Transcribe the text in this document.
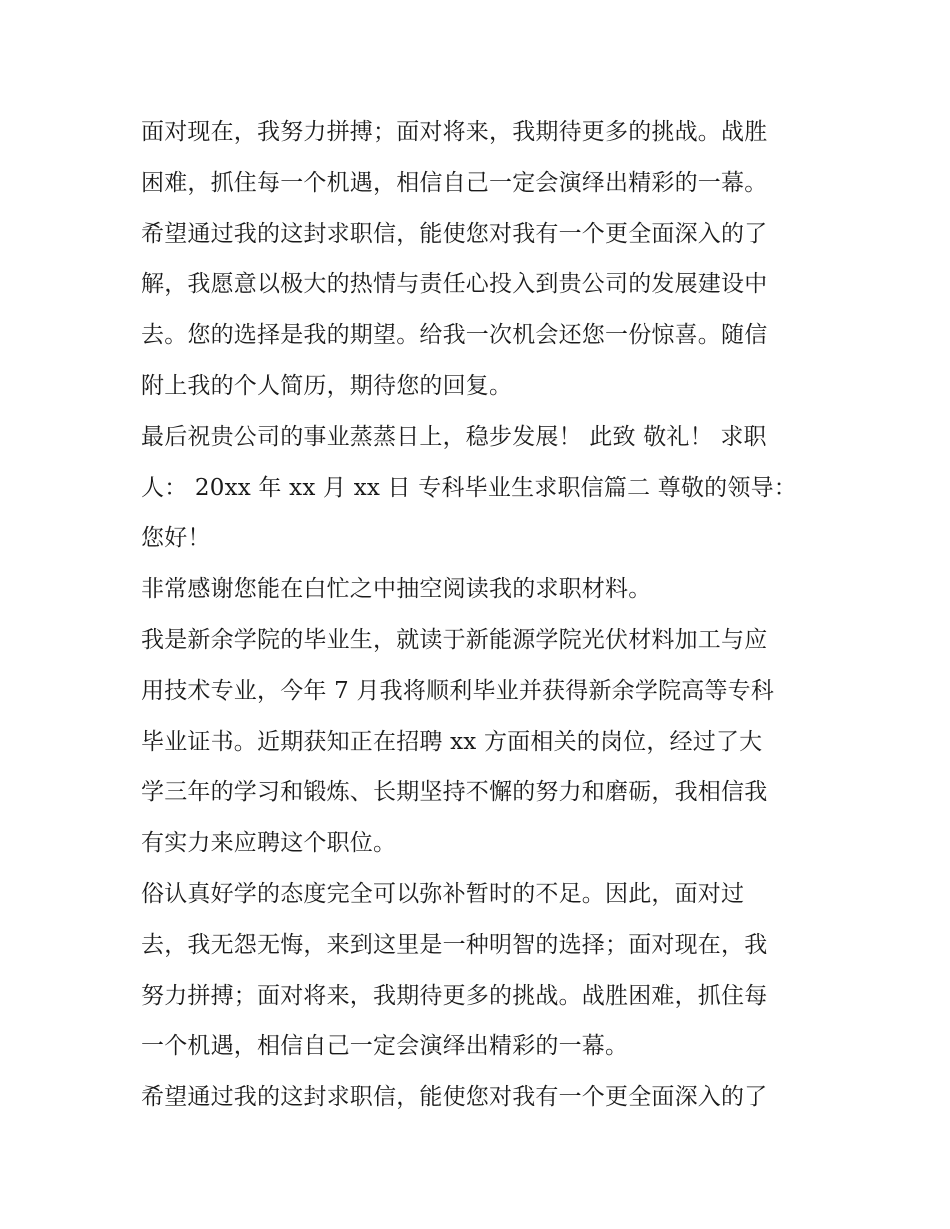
面对现在，我努力拼搏；面对将来，我期待更多的挑战。战胜
困难，抓住每一个机遇，相信自己一定会演绎出精彩的一幕。
希望通过我的这封求职信，能使您对我有一个更全面深入的了
解，我愿意以极大的热情与责任心投入到贵公司的发展建设中
去。您的选择是我的期望。给我一次机会还您一份惊喜。随信
附上我的个人简历，期待您的回复。
最后祝贵公司的事业蒸蒸日上，稳步发展！ 此致 敬礼！ 求职
人： 20xx 年 xx 月 xx 日 专科毕业生求职信篇二 尊敬的领导：
您好！
非常感谢您能在白忙之中抽空阅读我的求职材料。
我是新余学院的毕业生，就读于新能源学院光伏材料加工与应
用技术专业，今年 7 月我将顺利毕业并获得新余学院高等专科
毕业证书。近期获知正在招聘 xx 方面相关的岗位，经过了大
学三年的学习和锻炼、长期坚持不懈的努力和磨砺，我相信我
有实力来应聘这个职位。
俗认真好学的态度完全可以弥补暂时的不足。因此，面对过
去，我无怨无悔，来到这里是一种明智的选择；面对现在，我
努力拼搏；面对将来，我期待更多的挑战。战胜困难，抓住每
一个机遇，相信自己一定会演绎出精彩的一幕。
希望通过我的这封求职信，能使您对我有一个更全面深入的了
